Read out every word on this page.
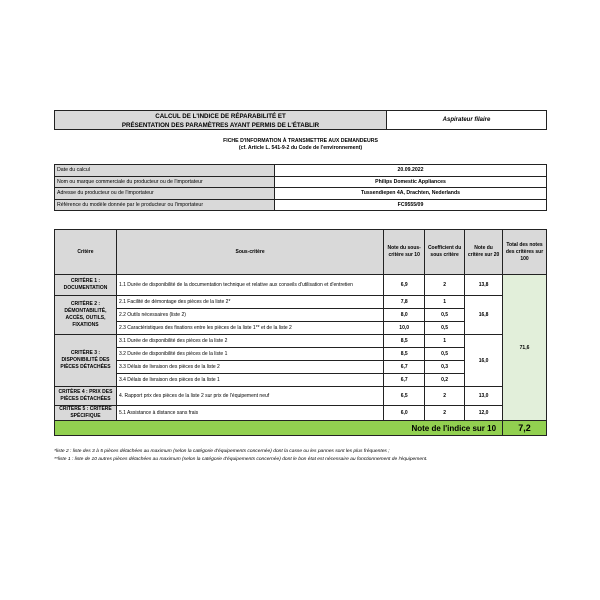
CALCUL DE L'INDICE DE RÉPARABILITÉ ET
PRÉSENTATION DES PARAMÈTRES AYANT PERMIS DE L'ÉTABLIR
Aspirateur filaire
FICHE D'INFORMATION À TRANSMETTRE AUX DEMANDEURS
(cf. Article L. 541-9-2 du Code de l'environnement)
Date du calcul	20.09.2022
Nom ou marque commerciale du producteur ou de l'importateur	Philips Domestic Appliances
Adresse du producteur ou de l'importateur	Tussendiepen 4A, Drachten, Nederlands
Référence du modèle donnée par le producteur ou l'importateur	FC9555/09
Critère	Sous-critère	Note du sous-critère sur 10	Coefficient du sous critère	Note du critère sur 20	Total des notes des critères sur 100
CRITÈRE 1 : DOCUMENTATION	1.1 Durée de disponibilité de la documentation technique et relative aux conseils d'utilisation et d'entretien	6,9	2	13,8	71,6
CRITÈRE 2 : DÉMONTABILITÉ, ACCÈS, OUTILS, FIXATIONS	2.1 Facilité de démontage des pièces de la liste 2*	7,8	1	16,8	
	2.2 Outils nécessaires (liste 2)	8,0	0,5		
	2.3 Caractéristiques des fixations entre les pièces de la liste 1** et de la liste 2	10,0	0,5		
CRITÈRE 3 : DISPONIBILITÉ DES PIÈCES DÉTACHÉES	3.1 Durée de disponibilité des pièces de la liste 2	8,5	1	16,0	
	3.2 Durée de disponibilité des pièces de la liste 1	8,5	0,5		
	3.3 Délais de livraison des pièces de la liste 2	6,7	0,3		
	3.4 Délais de livraison des pièces de la liste 1	6,7	0,2		
CRITÈRE 4 : PRIX DES PIÈCES DÉTACHÉES	4. Rapport prix des pièces de la liste 2 sur prix de l'équipement neuf	6,5	2	13,0	
CRITÈRE 5 : CRITÈRE SPÉCIFIQUE	5.1 Assistance à distance sans frais	6,0	2	12,0	
Note de l'indice sur 10					7,2
*liste 2 : liste des 3 à 5 pièces détachées au maximum (selon la catégorie d'équipements concernée) dont la casse ou les pannes sont les plus fréquentes ;
**liste 1 : liste de 10 autres pièces détachées au maximum (selon la catégorie d'équipements concernée) dont le bon état est nécessaire au fonctionnement de l'équipement.
